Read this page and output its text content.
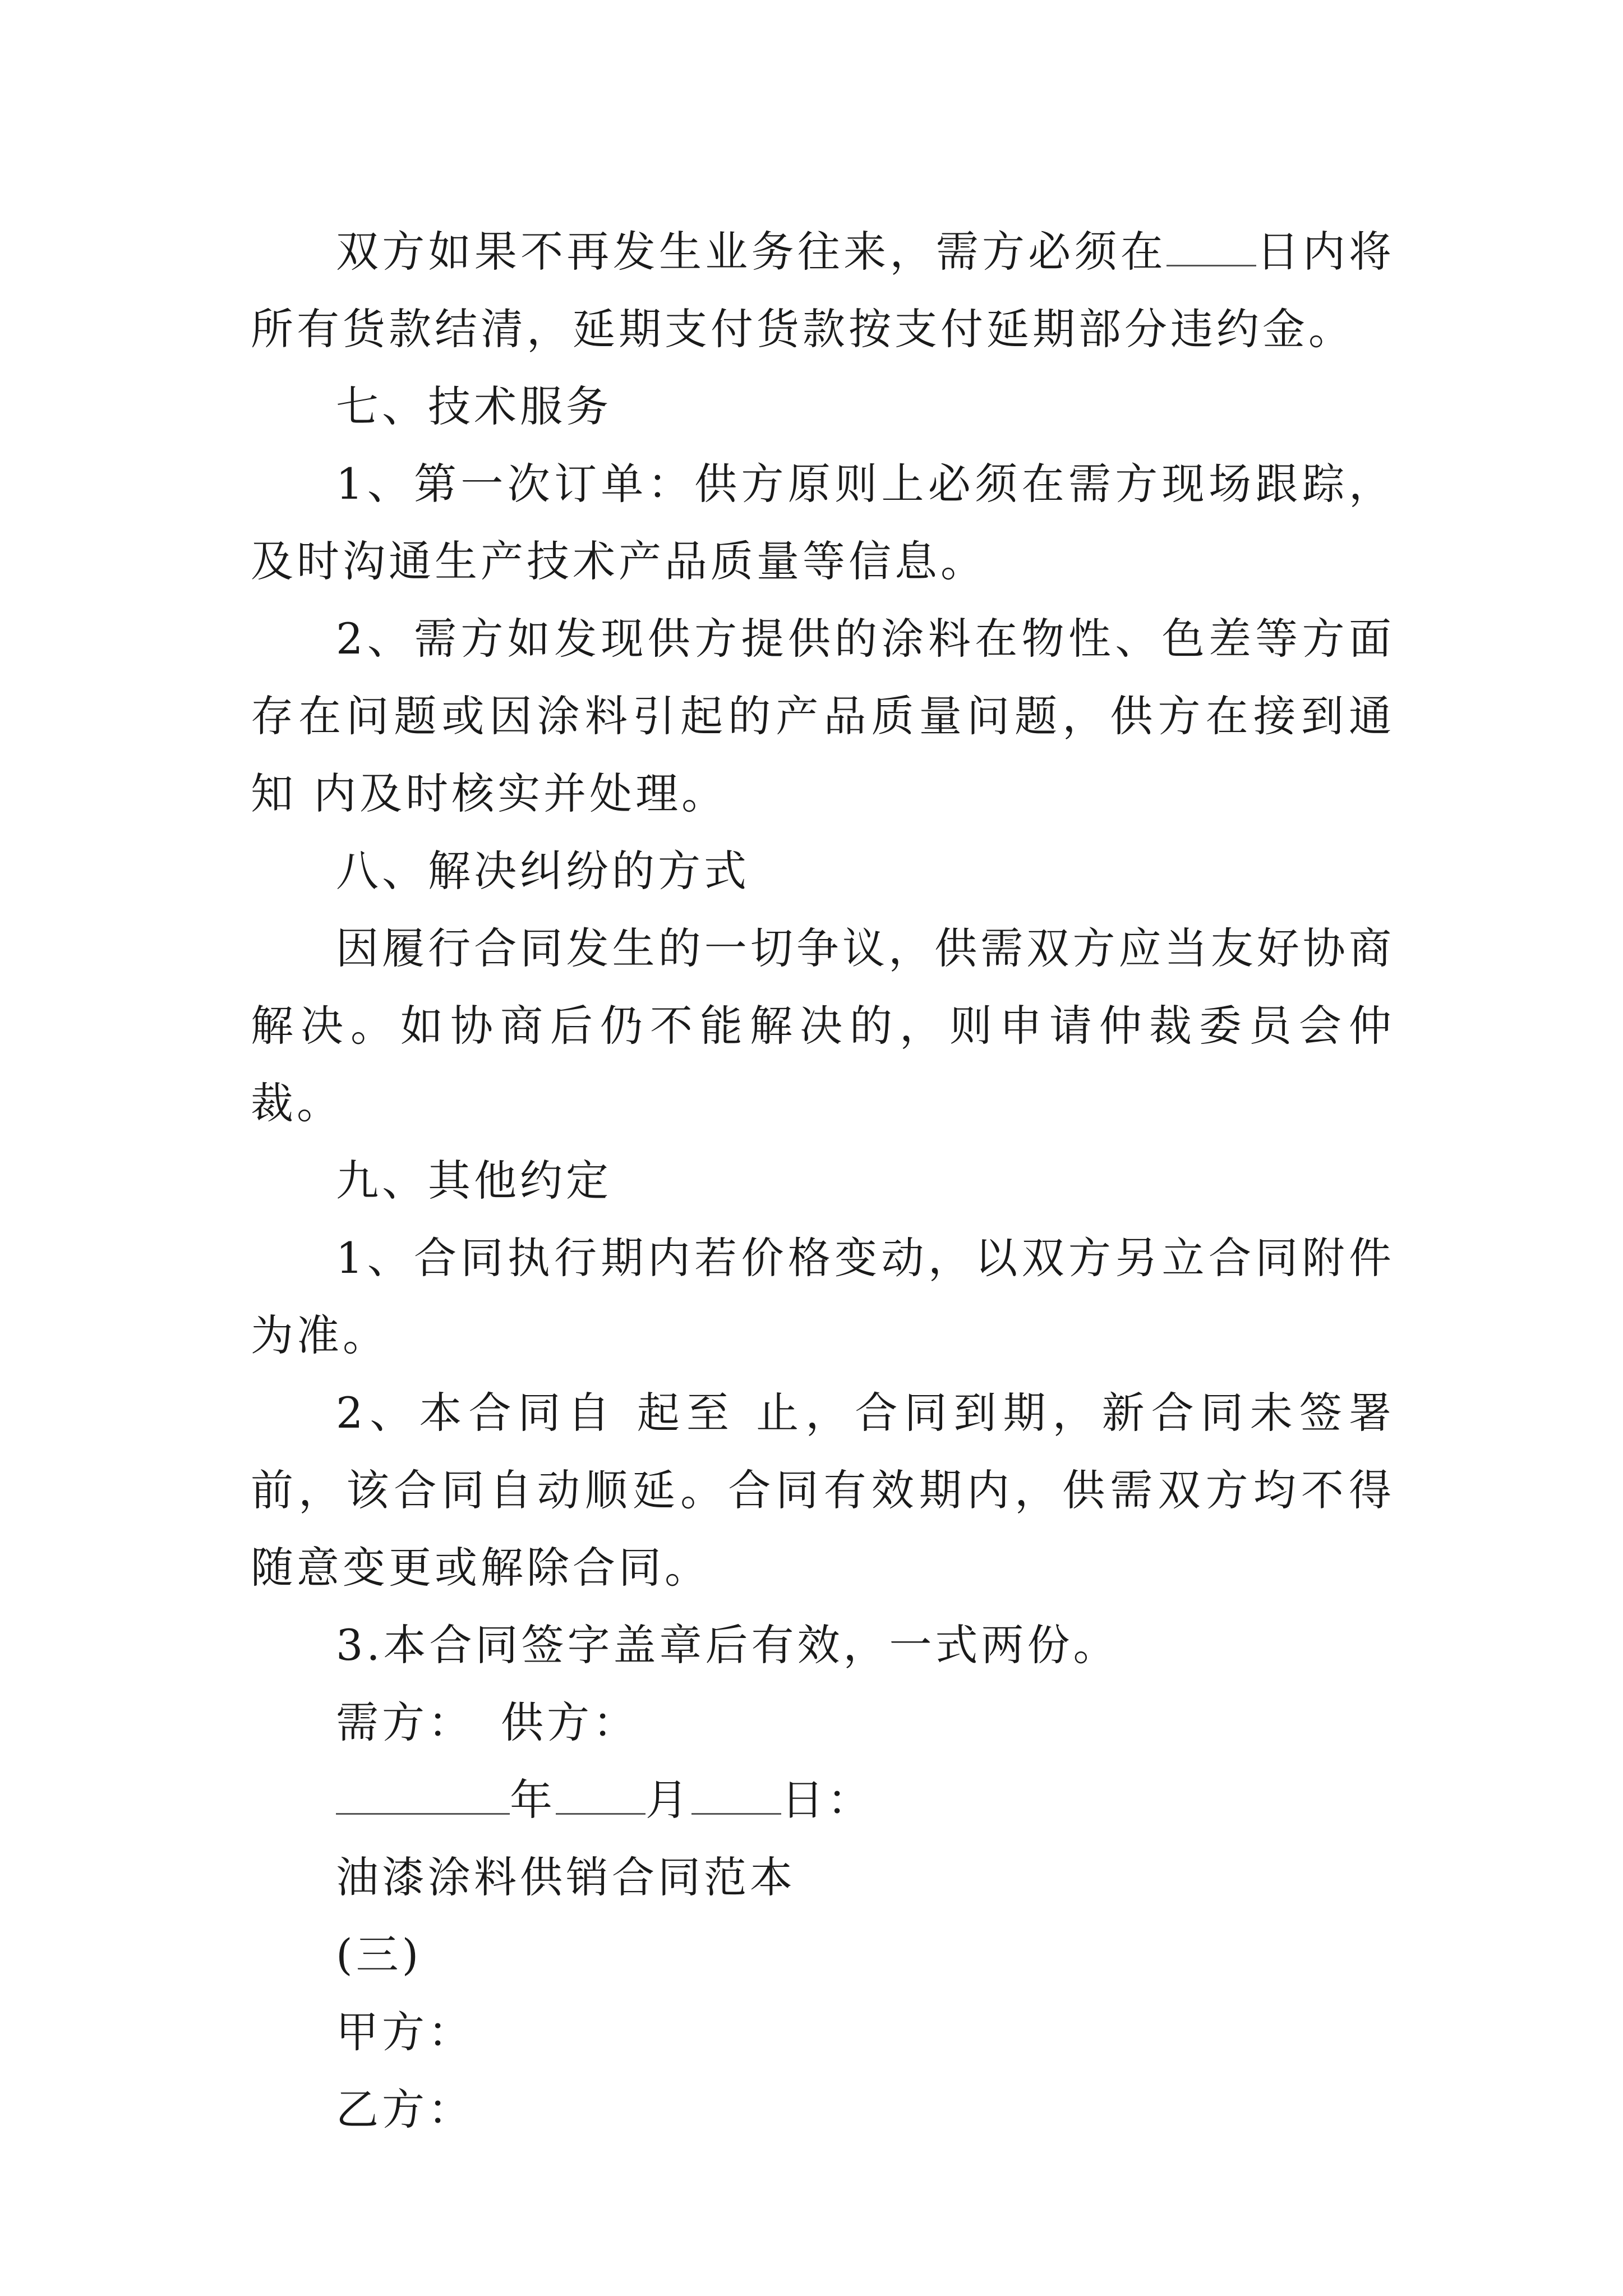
双方如果不再发生业务往来，需方必须在 日内将所有货款结清，延期支付货款按支付延期部分违约金。

七、技术服务

1、第一次订单：供方原则上必须在需方现场跟踪，及时沟通生产技术产品质量等信息。

2、需方如发现供方提供的涂料在物性、色差等方面存在问题或因涂料引起的产品质量问题，供方在接到通知 内及时核实并处理。

八、解决纠纷的方式

因履行合同发生的一切争议，供需双方应当友好协商解决。如协商后仍不能解决的，则申请仲裁委员会仲裁。

九、其他约定

1、合同执行期内若价格变动，以双方另立合同附件为准。

2、本合同自 起至 止，合同到期，新合同未签署前，该合同自动顺延。合同有效期内，供需双方均不得随意变更或解除合同。

3.本合同签字盖章后有效，一式两份。

需方： 供方：

年 月 日：

油漆涂料供销合同范本

(三)

甲方：

乙方：
